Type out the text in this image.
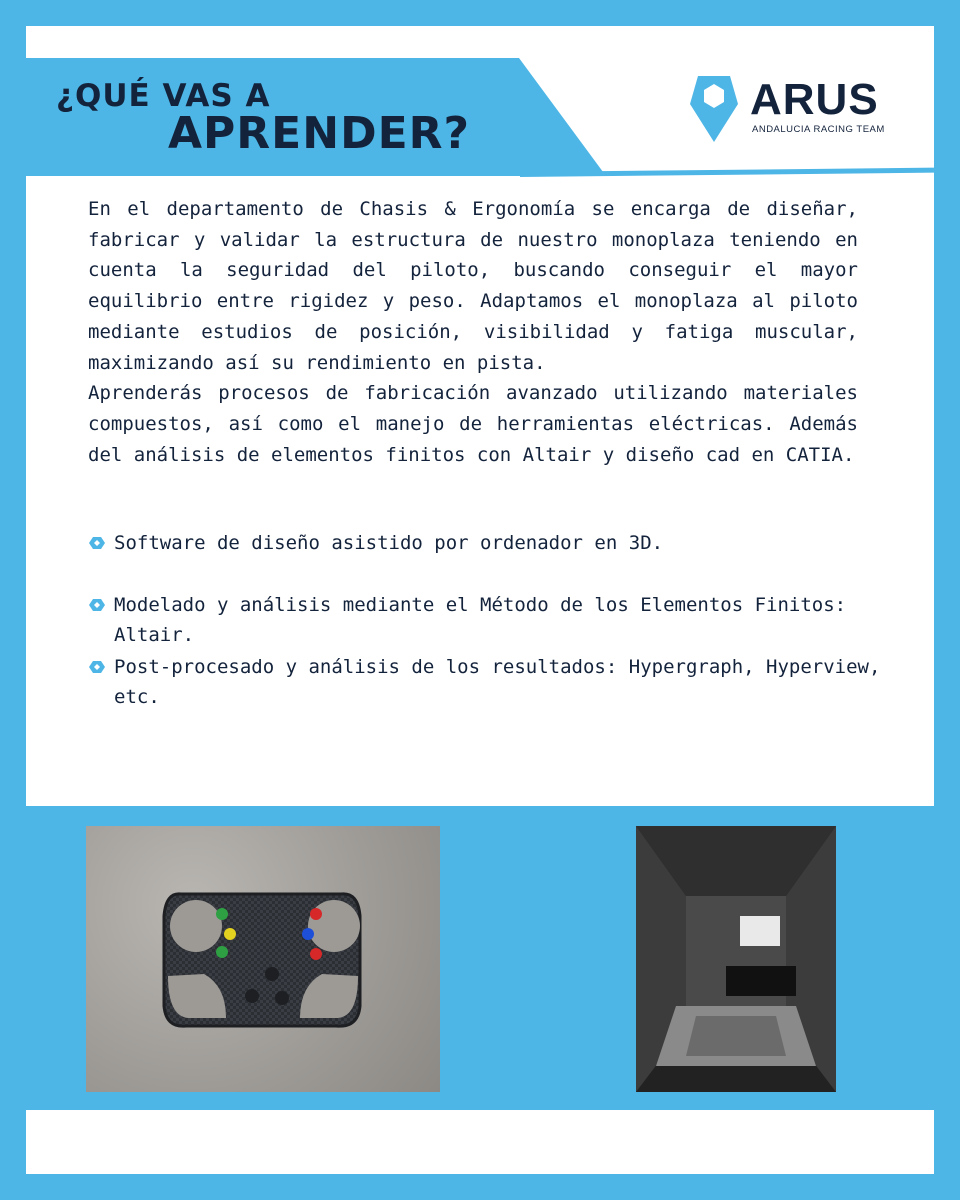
¿QUÉ VAS A
APRENDER?
ARUS
ANDALUCIA RACING TEAM

En el departamento de Chasis & Ergonomía se encarga de diseñar, fabricar y validar la estructura de nuestro monoplaza teniendo en cuenta la seguridad del piloto, buscando conseguir el mayor equilibrio entre rigidez y peso. Adaptamos el monoplaza al piloto mediante estudios de posición, visibilidad y fatiga muscular, maximizando así su rendimiento en pista.

Aprenderás procesos de fabricación avanzado utilizando materiales compuestos, así como el manejo de herramientas eléctricas. Además del análisis de elementos finitos con Altair y diseño cad en CATIA.

Software de diseño asistido por ordenador en 3D.
Modelado y análisis mediante el Método de los Elementos Finitos: Altair.
Post-procesado y análisis de los resultados: Hypergraph, Hyperview, etc.
